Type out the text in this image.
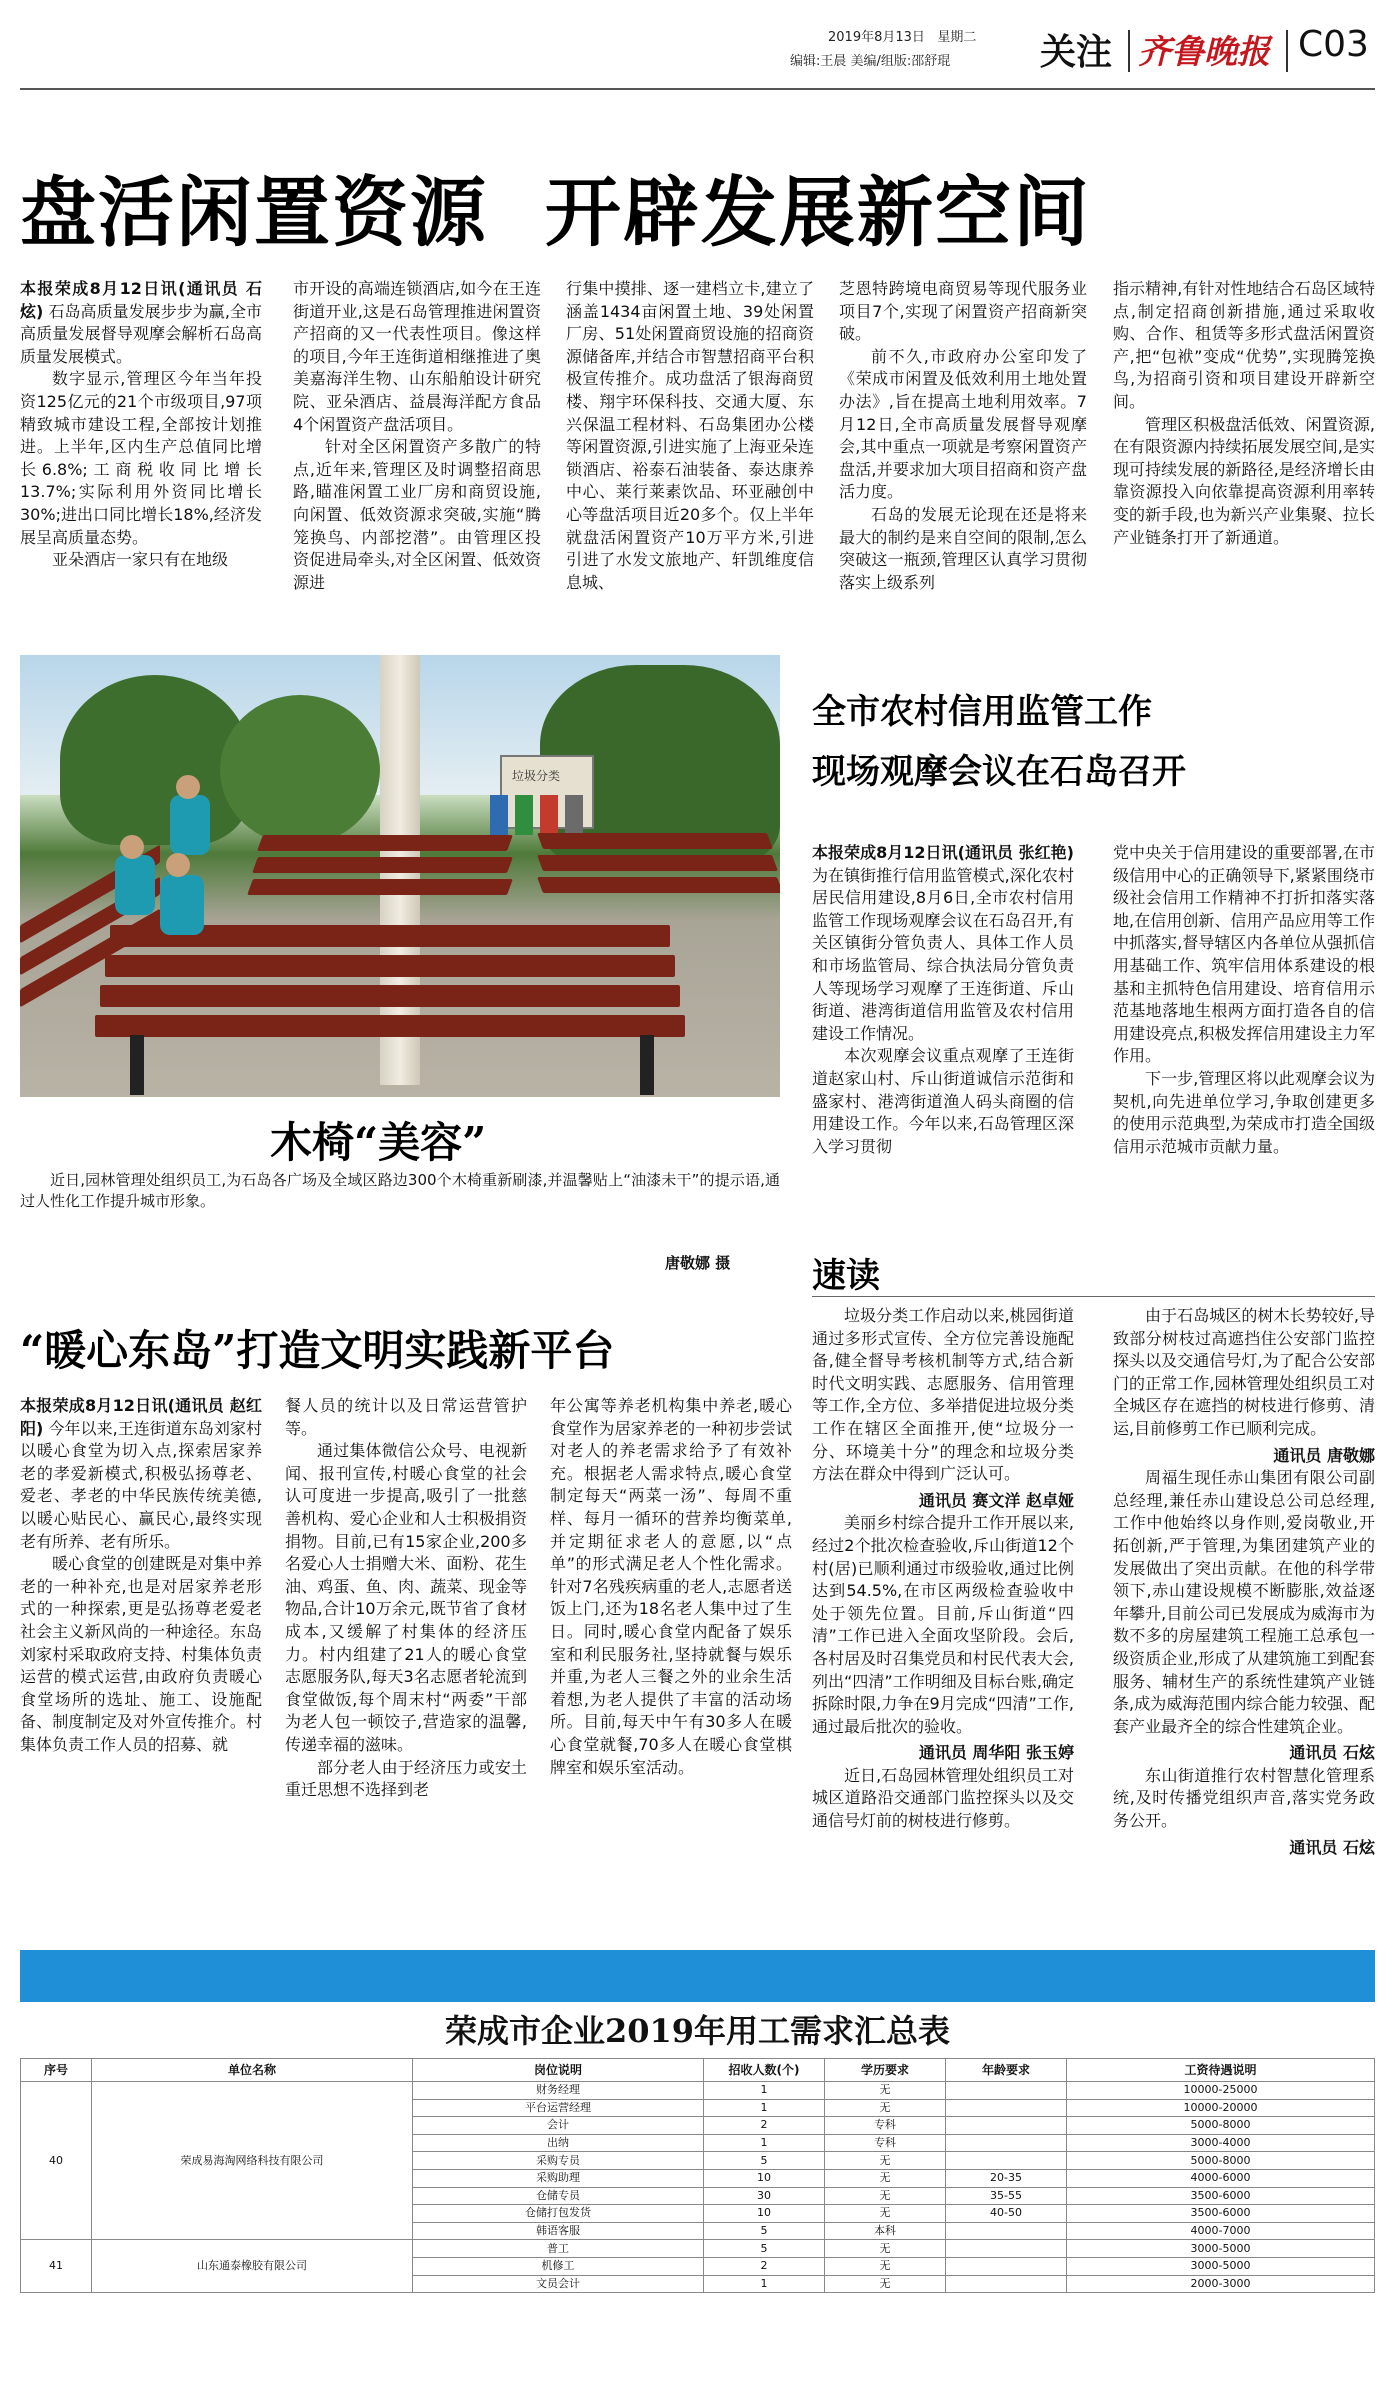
2019年8月13日 星期二
编辑:王晨 美编/组版:邵舒琨 关注 齐鲁晚报 C03
盘活闲置资源  开辟发展新空间

本报荣成8月12日讯(通讯员 石炫) 石岛高质量发展步步为赢,全市高质量发展督导观摩会解析石岛高质量发展模式。

数字显示,管理区今年当年投资125亿元的21个市级项目,97项精致城市建设工程,全部按计划推进。上半年,区内生产总值同比增长6.8%;工商税收同比增长13.7%;实际利用外资同比增长30%;进出口同比增长18%,经济发展呈高质量态势。

亚朵酒店一家只有在地级

市开设的高端连锁酒店,如今在王连街道开业,这是石岛管理推进闲置资产招商的又一代表性项目。像这样的项目,今年王连街道相继推进了奥美嘉海洋生物、山东船舶设计研究院、亚朵酒店、益晨海洋配方食品4个闲置资产盘活项目。

针对全区闲置资产多散广的特点,近年来,管理区及时调整招商思路,瞄准闲置工业厂房和商贸设施,向闲置、低效资源求突破,实施“腾笼换鸟、内部挖潜”。由管理区投资促进局牵头,对全区闲置、低效资源进

行集中摸排、逐一建档立卡,建立了涵盖1434亩闲置土地、39处闲置厂房、51处闲置商贸设施的招商资源储备库,并结合市智慧招商平台积极宣传推介。成功盘活了银海商贸楼、翔宇环保科技、交通大厦、东兴保温工程材料、石岛集团办公楼等闲置资源,引进实施了上海亚朵连锁酒店、裕泰石油装备、泰达康养中心、莱行莱素饮品、环亚融创中心等盘活项目近20多个。仅上半年就盘活闲置资产10万平方米,引进引进了水发文旅地产、轩凯维度信息城、

芝恩特跨境电商贸易等现代服务业项目7个,实现了闲置资产招商新突破。

前不久,市政府办公室印发了《荣成市闲置及低效利用土地处置办法》,旨在提高土地利用效率。7月12日,全市高质量发展督导观摩会,其中重点一项就是考察闲置资产盘活,并要求加大项目招商和资产盘活力度。

石岛的发展无论现在还是将来最大的制约是来自空间的限制,怎么突破这一瓶颈,管理区认真学习贯彻落实上级系列

指示精神,有针对性地结合石岛区域特点,制定招商创新措施,通过采取收购、合作、租赁等多形式盘活闲置资产,把“包袱”变成“优势”,实现腾笼换鸟,为招商引资和项目建设开辟新空间。

管理区积极盘活低效、闲置资源,在有限资源内持续拓展发展空间,是实现可持续发展的新路径,是经济增长由靠资源投入向依靠提高资源利用率转变的新手段,也为新兴产业集聚、拉长产业链条打开了新通道。

垃圾分类
木椅“美容”

近日,园林管理处组织员工,为石岛各广场及全域区路边300个木椅重新刷漆,并温馨贴上“油漆未干”的提示语,通过人性化工作提升城市形象。

唐敬娜 摄
全市农村信用监管工作
现场观摩会议在石岛召开

本报荣成8月12日讯(通讯员 张红艳) 为在镇街推行信用监管模式,深化农村居民信用建设,8月6日,全市农村信用监管工作现场观摩会议在石岛召开,有关区镇街分管负责人、具体工作人员和市场监管局、综合执法局分管负责人等现场学习观摩了王连街道、斥山街道、港湾街道信用监管及农村信用建设工作情况。

本次观摩会议重点观摩了王连街道赵家山村、斥山街道诚信示范街和盛家村、港湾街道渔人码头商圈的信用建设工作。今年以来,石岛管理区深入学习贯彻

党中央关于信用建设的重要部署,在市级信用中心的正确领导下,紧紧围绕市级社会信用工作精神不打折扣落实落地,在信用创新、信用产品应用等工作中抓落实,督导辖区内各单位从强抓信用基础工作、筑牢信用体系建设的根基和主抓特色信用建设、培育信用示范基地落地生根两方面打造各自的信用建设亮点,积极发挥信用建设主力军作用。

下一步,管理区将以此观摩会议为契机,向先进单位学习,争取创建更多的使用示范典型,为荣成市打造全国级信用示范城市贡献力量。

“暖心东岛”打造文明实践新平台

本报荣成8月12日讯(通讯员 赵红阳) 今年以来,王连街道东岛刘家村以暖心食堂为切入点,探索居家养老的孝爱新模式,积极弘扬尊老、爱老、孝老的中华民族传统美德,以暖心贴民心、赢民心,最终实现老有所养、老有所乐。

暖心食堂的创建既是对集中养老的一种补充,也是对居家养老形式的一种探索,更是弘扬尊老爱老社会主义新风尚的一种途径。东岛刘家村采取政府支持、村集体负责运营的模式运营,由政府负责暖心食堂场所的选址、施工、设施配备、制度制定及对外宣传推介。村集体负责工作人员的招募、就

餐人员的统计以及日常运营管护等。

通过集体微信公众号、电视新闻、报刊宣传,村暖心食堂的社会认可度进一步提高,吸引了一批慈善机构、爱心企业和人士积极捐资捐物。目前,已有15家企业,200多名爱心人士捐赠大米、面粉、花生油、鸡蛋、鱼、肉、蔬菜、现金等物品,合计10万余元,既节省了食材成本,又缓解了村集体的经济压力。村内组建了21人的暖心食堂志愿服务队,每天3名志愿者轮流到食堂做饭,每个周末村“两委”干部为老人包一顿饺子,营造家的温馨,传递幸福的滋味。

部分老人由于经济压力或安土重迁思想不选择到老

年公寓等养老机构集中养老,暖心食堂作为居家养老的一种初步尝试对老人的养老需求给予了有效补充。根据老人需求特点,暖心食堂制定每天“两菜一汤”、每周不重样、每月一循环的营养均衡菜单,并定期征求老人的意愿,以“点单”的形式满足老人个性化需求。针对7名残疾病重的老人,志愿者送饭上门,还为18名老人集中过了生日。同时,暖心食堂内配备了娱乐室和利民服务社,坚持就餐与娱乐并重,为老人三餐之外的业余生活着想,为老人提供了丰富的活动场所。目前,每天中午有30多人在暖心食堂就餐,70多人在暖心食堂棋牌室和娱乐室活动。

速读

垃圾分类工作启动以来,桃园街道通过多形式宣传、全方位完善设施配备,健全督导考核机制等方式,结合新时代文明实践、志愿服务、信用管理等工作,全方位、多举措促进垃圾分类工作在辖区全面推开,使“垃圾分一分、环境美十分”的理念和垃圾分类方法在群众中得到广泛认可。

通讯员 赛文洋 赵卓娅

美丽乡村综合提升工作开展以来,经过2个批次检查验收,斥山街道12个村(居)已顺利通过市级验收,通过比例达到54.5%,在市区两级检查验收中处于领先位置。目前,斥山街道“四清”工作已进入全面攻坚阶段。会后,各村居及时召集党员和村民代表大会,列出“四清”工作明细及目标台账,确定拆除时限,力争在9月完成“四清”工作,通过最后批次的验收。

通讯员 周华阳 张玉婷

近日,石岛园林管理处组织员工对城区道路沿交通部门监控探头以及交通信号灯前的树枝进行修剪。

由于石岛城区的树木长势较好,导致部分树枝过高遮挡住公安部门监控探头以及交通信号灯,为了配合公安部门的正常工作,园林管理处组织员工对全城区存在遮挡的树枝进行修剪、清运,目前修剪工作已顺利完成。

通讯员 唐敬娜

周福生现任赤山集团有限公司副总经理,兼任赤山建设总公司总经理,工作中他始终以身作则,爱岗敬业,开拓创新,严于管理,为集团建筑产业的发展做出了突出贡献。在他的科学带领下,赤山建设规模不断膨胀,效益逐年攀升,目前公司已发展成为威海市为数不多的房屋建筑工程施工总承包一级资质企业,形成了从建筑施工到配套服务、辅材生产的系统性建筑产业链条,成为威海范围内综合能力较强、配套产业最齐全的综合性建筑企业。

通讯员 石炫

东山街道推行农村智慧化管理系统,及时传播党组织声音,落实党务政务公开。

通讯员 石炫

荣成市企业2019年用工需求汇总表
序号	单位名称	岗位说明	招收人数(个)	学历要求	年龄要求	工资待遇说明
40	荣成易海淘网络科技有限公司	财务经理	1	无		10000-25000
		平台运营经理	1	无		10000-20000
		会计	2	专科		5000-8000
		出纳	1	专科		3000-4000
		采购专员	5	无		5000-8000
		采购助理	10	无	20-35	4000-6000
		仓储专员	30	无	35-55	3500-6000
		仓储打包发货	10	无	40-50	3500-6000
		韩语客服	5	本科		4000-7000
41	山东通泰橡胶有限公司	普工	5	无		3000-5000
		机修工	2	无		3000-5000
		文员会计	1	无		2000-3000
